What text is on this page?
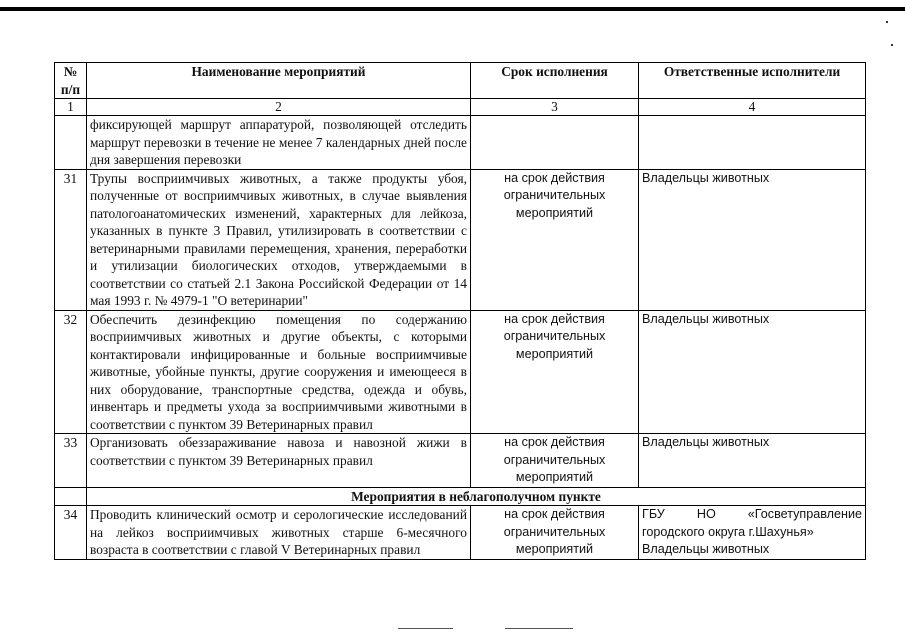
№ п/п	Наименование мероприятий	Срок исполнения	Ответственные исполнители
1	2	3	4
	фиксирующей маршрут аппаратурой, позволяющей отследить маршрут перевозки в течение не менее 7 календарных дней после дня завершения перевозки		
31	Трупы восприимчивых животных, а также продукты убоя, полученные от восприимчивых животных, в случае выявления патологоанатомических изменений, характерных для лейкоза, указанных в пункте 3 Правил, утилизировать в соответствии с ветеринарными правилами перемещения, хранения, переработки и утилизации биологических отходов, утверждаемыми в соответствии со статьей 2.1 Закона Российской Федерации от 14 мая 1993 г. № 4979-1 "О ветеринарии"	на срок действия ограничительных мероприятий	Владельцы животных
32	Обеспечить дезинфекцию помещения по содержанию восприимчивых животных и другие объекты, с которыми контактировали инфицированные и больные восприимчивые животные, убойные пункты, другие сооружения и имеющееся в них оборудование, транспортные средства, одежда и обувь, инвентарь и предметы ухода за восприимчивыми животными в соответствии с пунктом 39 Ветеринарных правил	на срок действия ограничительных мероприятий	Владельцы животных
33	Организовать обеззараживание навоза и навозной жижи в соответствии с пунктом 39 Ветеринарных правил	на срок действия ограничительных мероприятий	Владельцы животных
	Мероприятия в неблагополучном пункте		
34	Проводить клинический осмотр и серологические исследований на лейкоз восприимчивых животных старше 6-месячного возраста в соответствии с главой V Ветеринарных правил	на срок действия ограничительных мероприятий	ГБУ НО «Госветуправление городского округа г.Шахунья»
Владельцы животных
